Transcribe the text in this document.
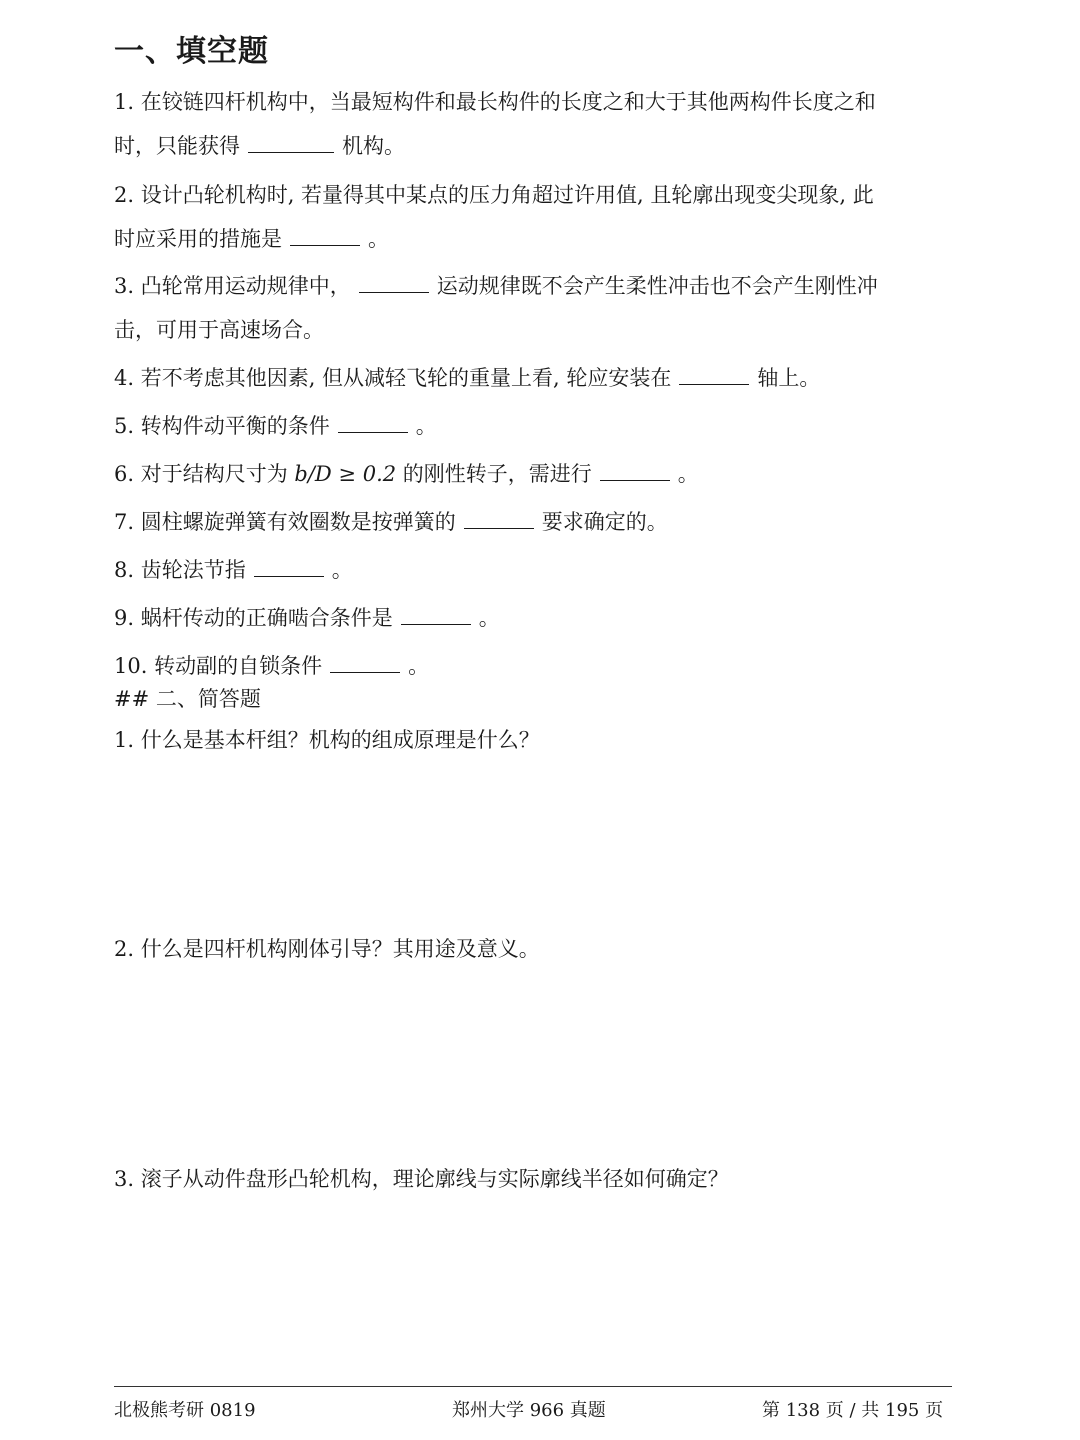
一、填空题

1. 在铰链四杆机构中，当最短构件和最长构件的长度之和大于其他两构件长度之和
时，只能获得	机构。

2. 设计凸轮机构时, 若量得其中某点的压力角超过许用值, 且轮廓出现变尖现象, 此
时应采用的措施是	。

3. 凸轮常用运动规律中，	运动规律既不会产生柔性冲击也不会产生刚性冲
击，可用于高速场合。

4. 若不考虑其他因素, 但从减轻飞轮的重量上看, 轮应安装在	轴上。

5. 转构件动平衡的条件	。

6. 对于结构尺寸为 b/D ≥ 0.2 的刚性转子，需进行	。

7. 圆柱螺旋弹簧有效圈数是按弹簧的	要求确定的。

8. 齿轮法节指	。

9. 蜗杆传动的正确啮合条件是	。

10. 转动副的自锁条件	。

## 二、简答题

1. 什么是基本杆组？机构的组成原理是什么？

2. 什么是四杆机构刚体引导？其用途及意义。

3. 滚子从动件盘形凸轮机构，理论廓线与实际廓线半径如何确定？

北极熊考研 0819	郑州大学 966 真题	第 138 页 / 共 195 页
